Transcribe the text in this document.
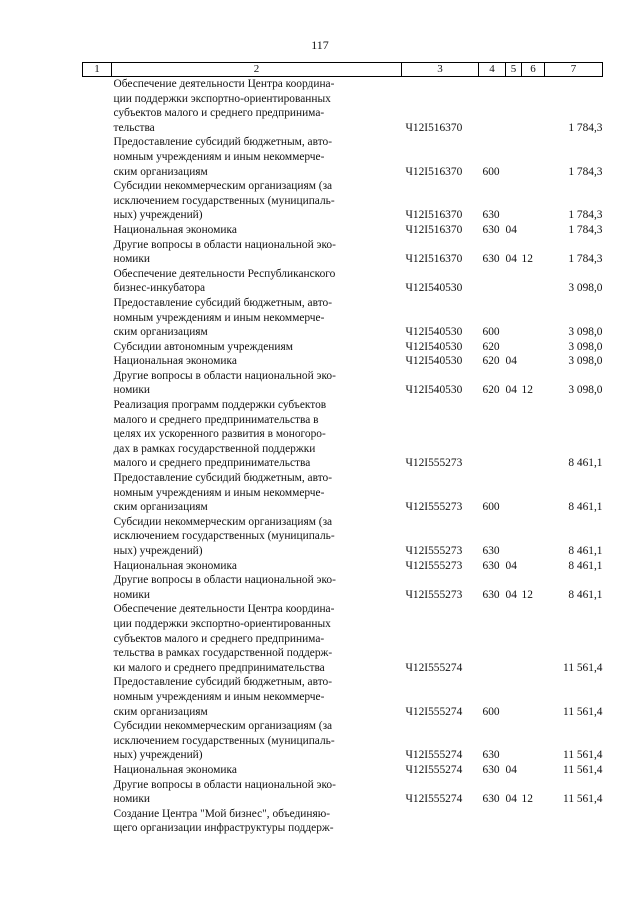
117
1	2	3	4	5	6	7

	Обеспечение деятельности Центра координа-
ции поддержки экспортно-ориентированных
субъектов малого и среднего предпринима-
тельства	Ч12I516370				1 784,3

	Предоставление субсидий бюджетным, авто-
номным учреждениям и иным некоммерче-
ским организациям	Ч12I516370	600			1 784,3

	Субсидии некоммерческим организациям (за
исключением государственных (муниципаль-
ных) учреждений)	Ч12I516370	630			1 784,3

	Национальная экономика	Ч12I516370	630	04		1 784,3

	Другие вопросы в области национальной эко-
номики	Ч12I516370	630	04	12	1 784,3

	Обеспечение деятельности Республиканского
бизнес-инкубатора	Ч12I540530				3 098,0

	Предоставление субсидий бюджетным, авто-
номным учреждениям и иным некоммерче-
ским организациям	Ч12I540530	600			3 098,0

	Субсидии автономным учреждениям	Ч12I540530	620			3 098,0

	Национальная экономика	Ч12I540530	620	04		3 098,0

	Другие вопросы в области национальной эко-
номики	Ч12I540530	620	04	12	3 098,0

	Реализация программ поддержки субъектов
малого и среднего предпринимательства в
целях их ускоренного развития в моногоро-
дах в рамках государственной поддержки
малого и среднего предпринимательства	Ч12I555273				8 461,1

	Предоставление субсидий бюджетным, авто-
номным учреждениям и иным некоммерче-
ским организациям	Ч12I555273	600			8 461,1

	Субсидии некоммерческим организациям (за
исключением государственных (муниципаль-
ных) учреждений)	Ч12I555273	630			8 461,1

	Национальная экономика	Ч12I555273	630	04		8 461,1

	Другие вопросы в области национальной эко-
номики	Ч12I555273	630	04	12	8 461,1

	Обеспечение деятельности Центра координа-
ции поддержки экспортно-ориентированных
субъектов малого и среднего предпринима-
тельства в рамках государственной поддерж-
ки малого и среднего предпринимательства	Ч12I555274				11 561,4

	Предоставление субсидий бюджетным, авто-
номным учреждениям и иным некоммерче-
ским организациям	Ч12I555274	600			11 561,4

	Субсидии некоммерческим организациям (за
исключением государственных (муниципаль-
ных) учреждений)	Ч12I555274	630			11 561,4

	Национальная экономика	Ч12I555274	630	04		11 561,4

	Другие вопросы в области национальной эко-
номики	Ч12I555274	630	04	12	11 561,4

	Создание Центра "Мой бизнес", объединяю-
щего организации инфраструктуры поддерж-					
